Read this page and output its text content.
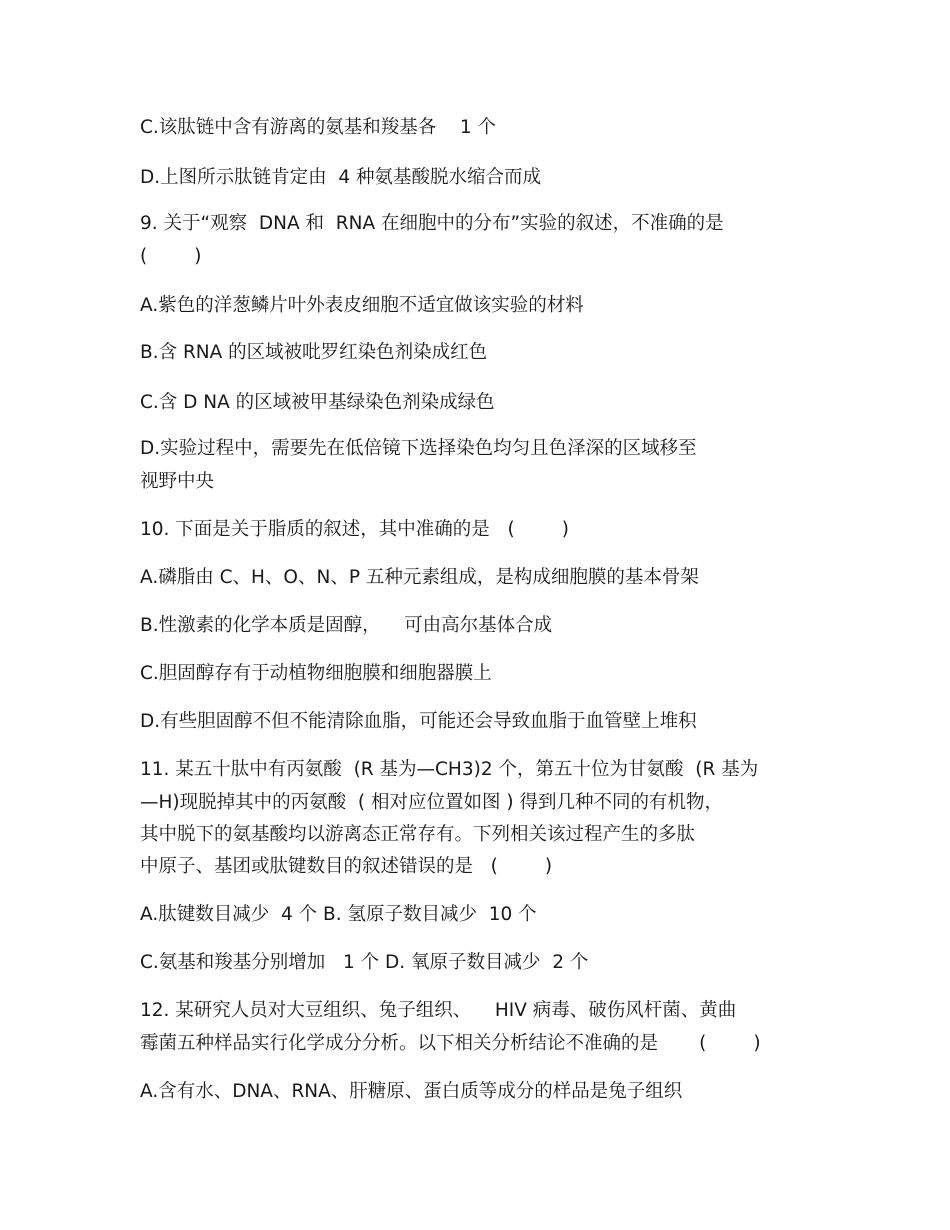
C.该肽链中含有游离的氨基和羧基各    1 个
D.上图所示肽链肯定由  4 种氨基酸脱水缩合而成
9. 关于“观察  DNA 和  RNA 在细胞中的分布”实验的叙述，不准确的是
(        )
A.紫色的洋葱鳞片叶外表皮细胞不适宜做该实验的材料
B.含 RNA 的区域被吡罗红染色剂染成红色
C.含 D NA 的区域被甲基绿染色剂染成绿色
D.实验过程中，需要先在低倍镜下选择染色均匀且色泽深的区域移至
视野中央
10. 下面是关于脂质的叙述，其中准确的是   (        )
A.磷脂由 C、H、O、N、P 五种元素组成，是构成细胞膜的基本骨架
B.性激素的化学本质是固醇，    可由高尔基体合成
C.胆固醇存有于动植物细胞膜和细胞器膜上
D.有些胆固醇不但不能清除血脂，可能还会导致血脂于血管壁上堆积
11. 某五十肽中有丙氨酸  (R 基为—CH3)2 个，第五十位为甘氨酸  (R 基为
—H)现脱掉其中的丙氨酸  ( 相对应位置如图 ) 得到几种不同的有机物，
其中脱下的氨基酸均以游离态正常存有。下列相关该过程产生的多肽
中原子、基团或肽键数目的叙述错误的是   (        )
A.肽键数目减少  4 个 B. 氢原子数目减少  10 个
C.氨基和羧基分别增加   1 个 D. 氧原子数目减少  2 个
12. 某研究人员对大豆组织、兔子组织、    HIV 病毒、破伤风杆菌、黄曲
霉菌五种样品实行化学成分分析。以下相关分析结论不准确的是       (        )
A.含有水、DNA、RNA、肝糖原、蛋白质等成分的样品是兔子组织
